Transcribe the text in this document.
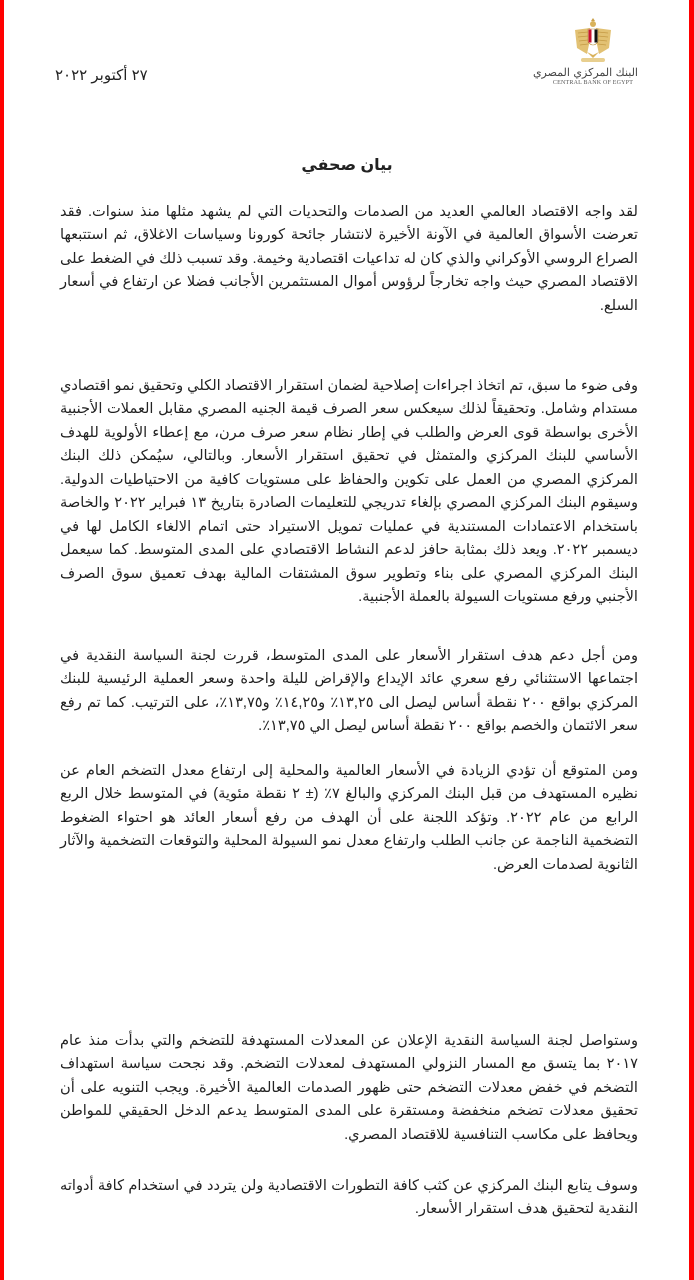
البنك المركزي المصري
CENTRAL BANK OF EGYPT
٢٧ أكتوبر ٢٠٢٢
بيان صحفي

لقد واجه الاقتصاد العالمي العديد من الصدمات والتحديات التي لم يشهد مثلها منذ سنوات. فقد تعرضت الأسواق العالمية في الآونة الأخيرة لانتشار جائحة كورونا وسياسات الاغلاق، ثم استتبعها الصراع الروسي الأوكراني والذي كان له تداعيات اقتصادية وخيمة. وقد تسبب ذلك في الضغط على الاقتصاد المصري حيث واجه تخارجاً لرؤوس أموال المستثمرين الأجانب فضلا عن ارتفاع في أسعار السلع.

وفى ضوء ما سبق، تم اتخاذ اجراءات إصلاحية لضمان استقرار الاقتصاد الكلي وتحقيق نمو اقتصادي مستدام وشامل. وتحقيقاً لذلك سيعكس سعر الصرف قيمة الجنيه المصري مقابل العملات الأجنبية الأخرى بواسطة قوى العرض والطلب في إطار نظام سعر صرف مرن، مع إعطاء الأولوية للهدف الأساسي للبنك المركزي والمتمثل في تحقيق استقرار الأسعار. وبالتالي، سيُمكن ذلك البنك المركزي المصري من العمل على تكوين والحفاظ على مستويات كافية من الاحتياطيات الدولية. وسيقوم البنك المركزي المصري بإلغاء تدريجي للتعليمات الصادرة بتاريخ ١٣ فبراير ٢٠٢٢ والخاصة باستخدام الاعتمادات المستندية في عمليات تمويل الاستيراد حتى اتمام الالغاء الكامل لها في ديسمبر ٢٠٢٢. ويعد ذلك بمثابة حافز لدعم النشاط الاقتصادي على المدى المتوسط. كما سيعمل البنك المركزي المصري على بناء وتطوير سوق المشتقات المالية بهدف تعميق سوق الصرف الأجنبي ورفع مستويات السيولة بالعملة الأجنبية.

ومن أجل دعم هدف استقرار الأسعار على المدى المتوسط، قررت لجنة السياسة النقدية في اجتماعها الاستثنائي رفع سعري عائد الإيداع والإقراض لليلة واحدة وسعر العملية الرئيسية للبنك المركزي بواقع ٢٠٠ نقطة أساس ليصل الى ١٣,٢٥٪ و١٤,٢٥٪ و١٣,٧٥٪، على الترتيب. كما تم رفع سعر الائتمان والخصم بواقع ٢٠٠ نقطة أساس ليصل الي ١٣,٧٥٪.

ومن المتوقع أن تؤدي الزيادة في الأسعار العالمية والمحلية إلى ارتفاع معدل التضخم العام عن نظيره المستهدف من قبل البنك المركزي والبالغ ٧٪ (± ٢ نقطة مئوية) في المتوسط خلال الربع الرابع من عام ٢٠٢٢. وتؤكد اللجنة على أن الهدف من رفع أسعار العائد هو احتواء الضغوط التضخمية الناجمة عن جانب الطلب وارتفاع معدل نمو السيولة المحلية والتوقعات التضخمية والآثار الثانوية لصدمات العرض.

وستواصل لجنة السياسة النقدية الإعلان عن المعدلات المستهدفة للتضخم والتي بدأت منذ عام ٢٠١٧ بما يتسق مع المسار النزولي المستهدف لمعدلات التضخم. وقد نجحت سياسة استهداف التضخم في خفض معدلات التضخم حتى ظهور الصدمات العالمية الأخيرة. ويجب التنويه على أن تحقيق معدلات تضخم منخفضة ومستقرة على المدى المتوسط يدعم الدخل الحقيقي للمواطن ويحافظ على مكاسب التنافسية للاقتصاد المصري.

وسوف يتابع البنك المركزي عن كثب كافة التطورات الاقتصادية ولن يتردد في استخدام كافة أدواته النقدية لتحقيق هدف استقرار الأسعار.
